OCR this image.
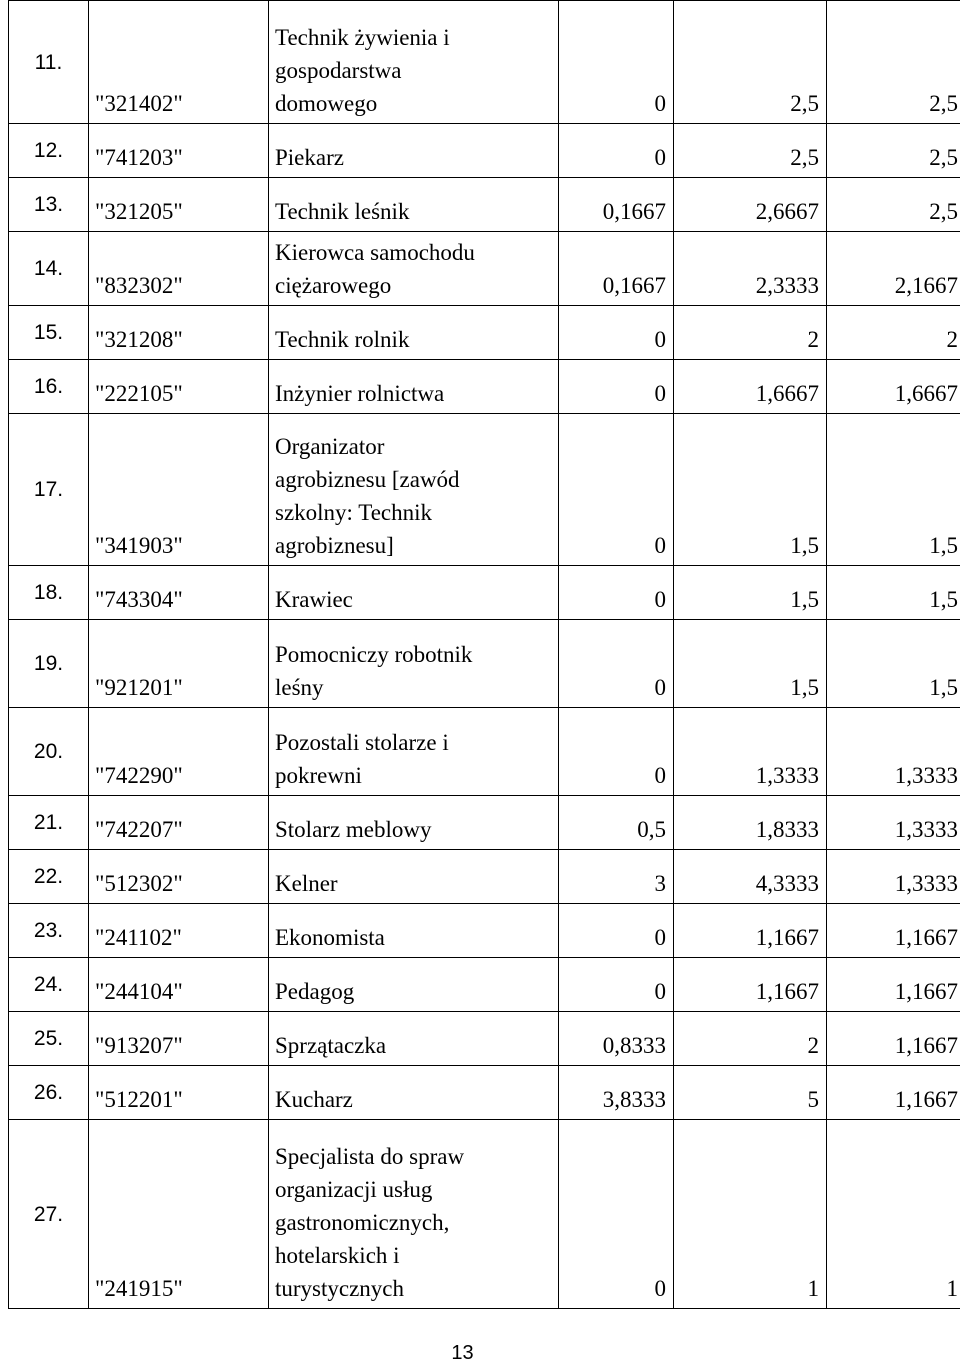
11.	"321402"	Technik żywienia i
gospodarstwa
domowego	0	2,5	2,5
12.	"741203"	Piekarz	0	2,5	2,5
13.	"321205"	Technik leśnik	0,1667	2,6667	2,5
14.	"832302"	Kierowca samochodu
ciężarowego	0,1667	2,3333	2,1667
15.	"321208"	Technik rolnik	0	2	2
16.	"222105"	Inżynier rolnictwa	0	1,6667	1,6667
17.	"341903"	Organizator
agrobiznesu [zawód
szkolny: Technik
agrobiznesu]	0	1,5	1,5
18.	"743304"	Krawiec	0	1,5	1,5
19.	"921201"	Pomocniczy robotnik
leśny	0	1,5	1,5
20.	"742290"	Pozostali stolarze i
pokrewni	0	1,3333	1,3333
21.	"742207"	Stolarz meblowy	0,5	1,8333	1,3333
22.	"512302"	Kelner	3	4,3333	1,3333
23.	"241102"	Ekonomista	0	1,1667	1,1667
24.	"244104"	Pedagog	0	1,1667	1,1667
25.	"913207"	Sprzątaczka	0,8333	2	1,1667
26.	"512201"	Kucharz	3,8333	5	1,1667
27.	"241915"	Specjalista do spraw
organizacji usług
gastronomicznych,
hotelarskich i
turystycznych	0	1	1
13
